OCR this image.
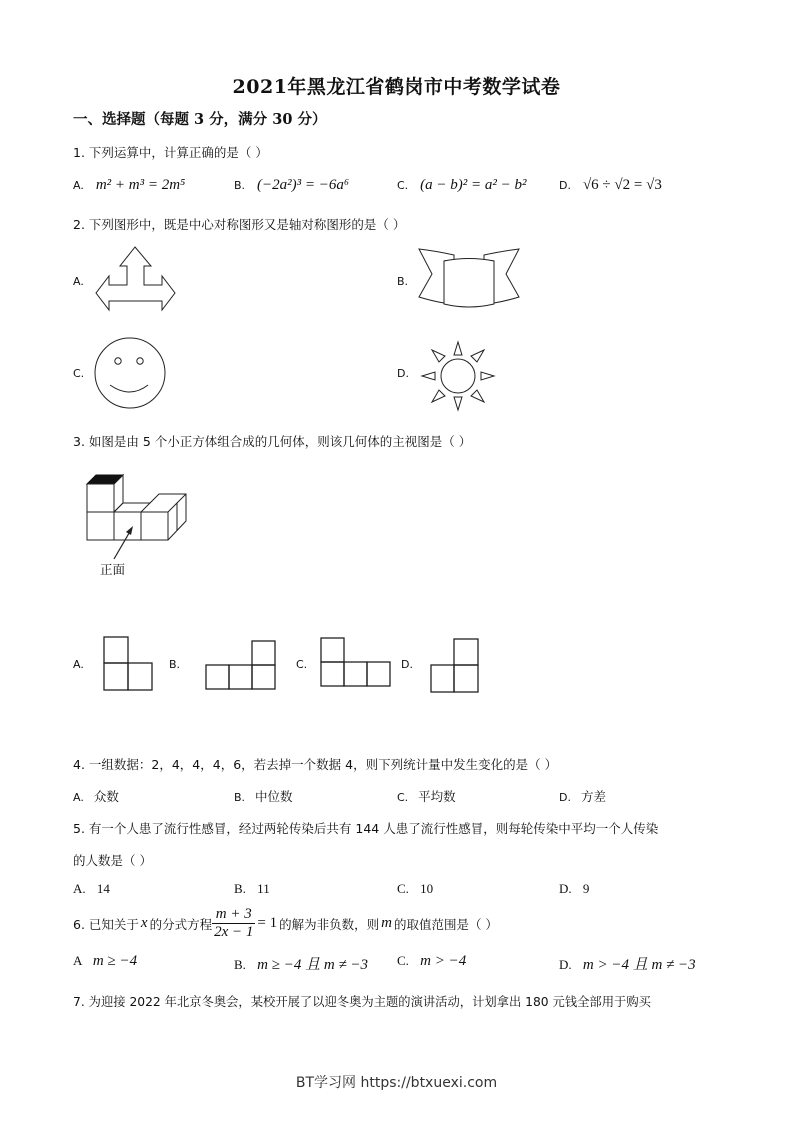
2021年黑龙江省鹤岗市中考数学试卷
一、选择题（每题 3 分，满分 30 分）
1. 下列运算中，计算正确的是（ ）
A. m² + m³ = 2m⁵	B. (−2a²)³ = −6a⁶	C. (a − b)² = a² − b²	D. √6 ÷ √2 = √3
2. 下列图形中，既是中心对称图形又是轴对称图形的是（ ）
A.	B.
C.	D.
3. 如图是由 5 个小正方体组合成的几何体，则该几何体的主视图是（ ）
正面
A.	B.	C.	D.
4. 一组数据：2，4，4，4，6，若去掉一个数据 4，则下列统计量中发生变化的是（ ）
A. 众数	B. 中位数	C. 平均数	D. 方差
5. 有一个人患了流行性感冒，经过两轮传染后共有 144 人患了流行性感冒，则每轮传染中平均一个人传染
的人数是（ ）
A. 14	B. 11	C. 10	D. 9
6. 已知关于 x 的分式方程 $\frac{m + 3}{2x - 1} = 1$ 的解为非负数，则 m 的取值范围是（ ）
A m ≥ −4	B. m ≥ −4 且 m ≠ −3 C. m > −4	D. m > −4 且 m ≠ −3
7. 为迎接 2022 年北京冬奥会，某校开展了以迎冬奥为主题的演讲活动，计划拿出 180 元钱全部用于购买
BT学习网 https://btxuexi.com
